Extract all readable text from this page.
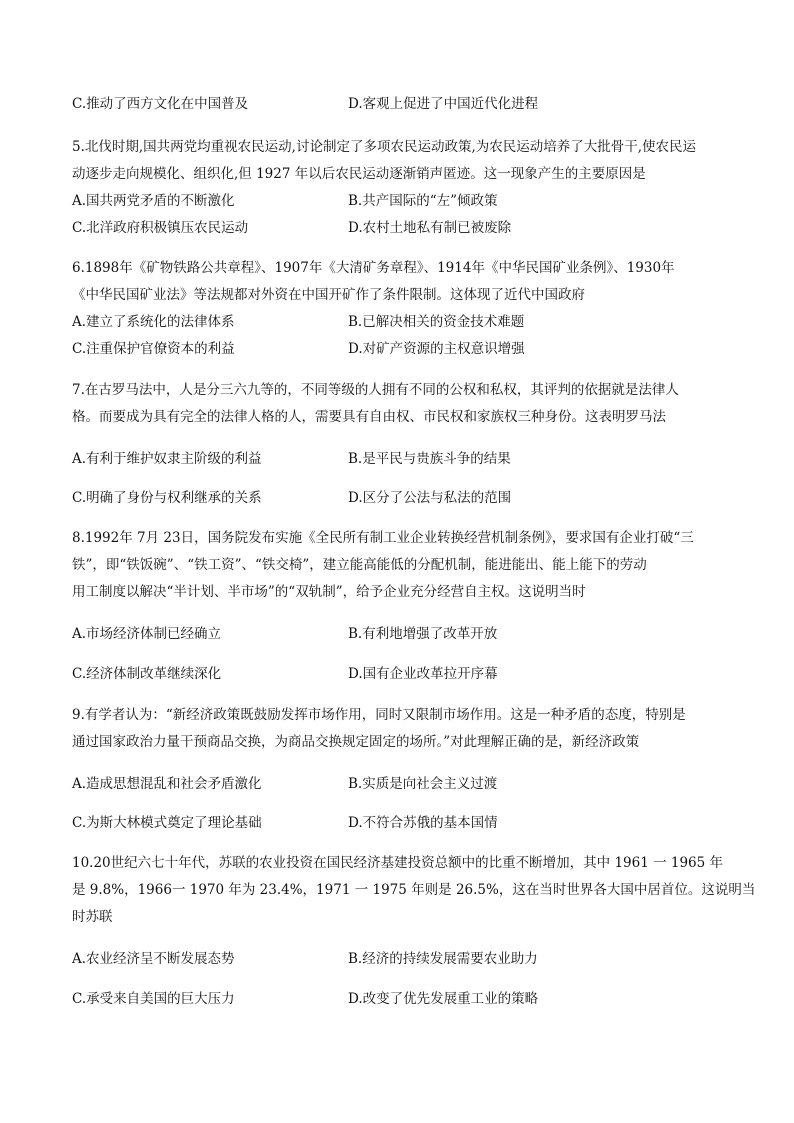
C.推动了西方文化在中国普及	D.客观上促进了中国近代化进程
5.北伐时期,国共两党均重视农民运动,讨论制定了多项农民运动政策,为农民运动培养了大批骨干,使农民运
动逐步走向规模化、组织化,但 1927 年以后农民运动逐渐销声匿迹。这一现象产生的主要原因是
A.国共两党矛盾的不断激化	B.共产国际的“左”倾政策
C.北洋政府积极镇压农民运动	D.农村土地私有制已被废除
6.1898年《矿物铁路公共章程》、1907年《大清矿务章程》、1914年《中华民国矿业条例》、1930年
《中华民国矿业法》等法规都对外资在中国开矿作了条件限制。这体现了近代中国政府
A.建立了系统化的法律体系	B.已解决相关的资金技术难题
C.注重保护官僚资本的利益	D.对矿产资源的主权意识增强
7.在古罗马法中，人是分三六九等的，不同等级的人拥有不同的公权和私权，其评判的依据就是法律人
格。而要成为具有完全的法律人格的人，需要具有自由权、市民权和家族权三种身份。这表明罗马法
A.有利于维护奴隶主阶级的利益	B.是平民与贵族斗争的结果
C.明确了身份与权利继承的关系	D.区分了公法与私法的范围
8.1992年 7月 23日，国务院发布实施《全民所有制工业企业转换经营机制条例》，要求国有企业打破“三
铁”，即“铁饭碗”、“铁工资”、“铁交椅”，建立能高能低的分配机制，能进能出、能上能下的劳动
用工制度以解决“半计划、半市场”的“双轨制”，给予企业充分经营自主权。这说明当时
A.市场经济体制已经确立	B.有利地增强了改革开放
C.经济体制改革继续深化	D.国有企业改革拉开序幕
9.有学者认为：“新经济政策既鼓励发挥市场作用，同时又限制市场作用。这是一种矛盾的态度，特别是
通过国家政治力量干预商品交换，为商品交换规定固定的场所。”对此理解正确的是，新经济政策
A.造成思想混乱和社会矛盾激化	B.实质是向社会主义过渡
C.为斯大林模式奠定了理论基础	D.不符合苏俄的基本国情
10.20世纪六七十年代，苏联的农业投资在国民经济基建投资总额中的比重不断增加，其中 1961 一 1965 年
是 9.8%，1966一 1970 年为 23.4%，1971 一 1975 年则是 26.5%，这在当时世界各大国中居首位。这说明当
时苏联
A.农业经济呈不断发展态势	B.经济的持续发展需要农业助力
C.承受来自美国的巨大压力	D.改变了优先发展重工业的策略
